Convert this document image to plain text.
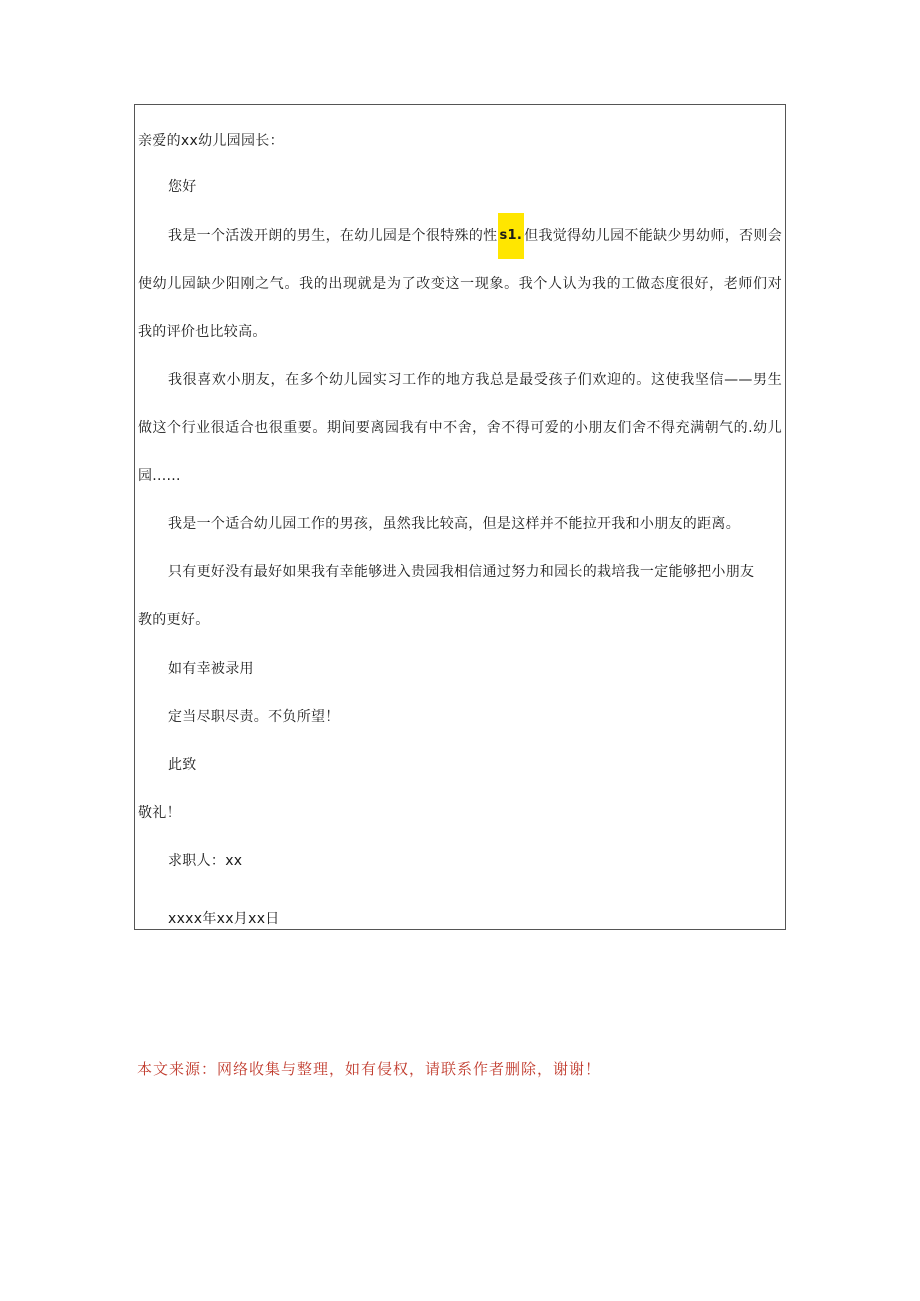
亲爱的xx幼儿园园长：
您好
我是一个活泼开朗的男生，在幼儿园是个很特殊的性 s1. 但我觉得幼儿园不能缺少男幼师，否则会
使幼儿园缺少阳刚之气。我的出现就是为了改变这一现象。我个人认为我的工做态度很好，老师们对
我的评价也比较高。
我很喜欢小朋友，在多个幼儿园实习工作的地方我总是最受孩子们欢迎的。这使我坚信——男生
做这个行业很适合也很重要。期间要离园我有中不舍，舍不得可爱的小朋友们舍不得充满朝气的.幼儿
园......
我是一个适合幼儿园工作的男孩，虽然我比较高，但是这样并不能拉开我和小朋友的距离。
只有更好没有最好如果我有幸能够进入贵园我相信通过努力和园长的栽培我一定能够把小朋友
教的更好。
如有幸被录用
定当尽职尽责。不负所望！
此致
敬礼！
求职人：xx
xxxx年xx月xx日
本文来源：网络收集与整理，如有侵权，请联系作者删除，谢谢！
